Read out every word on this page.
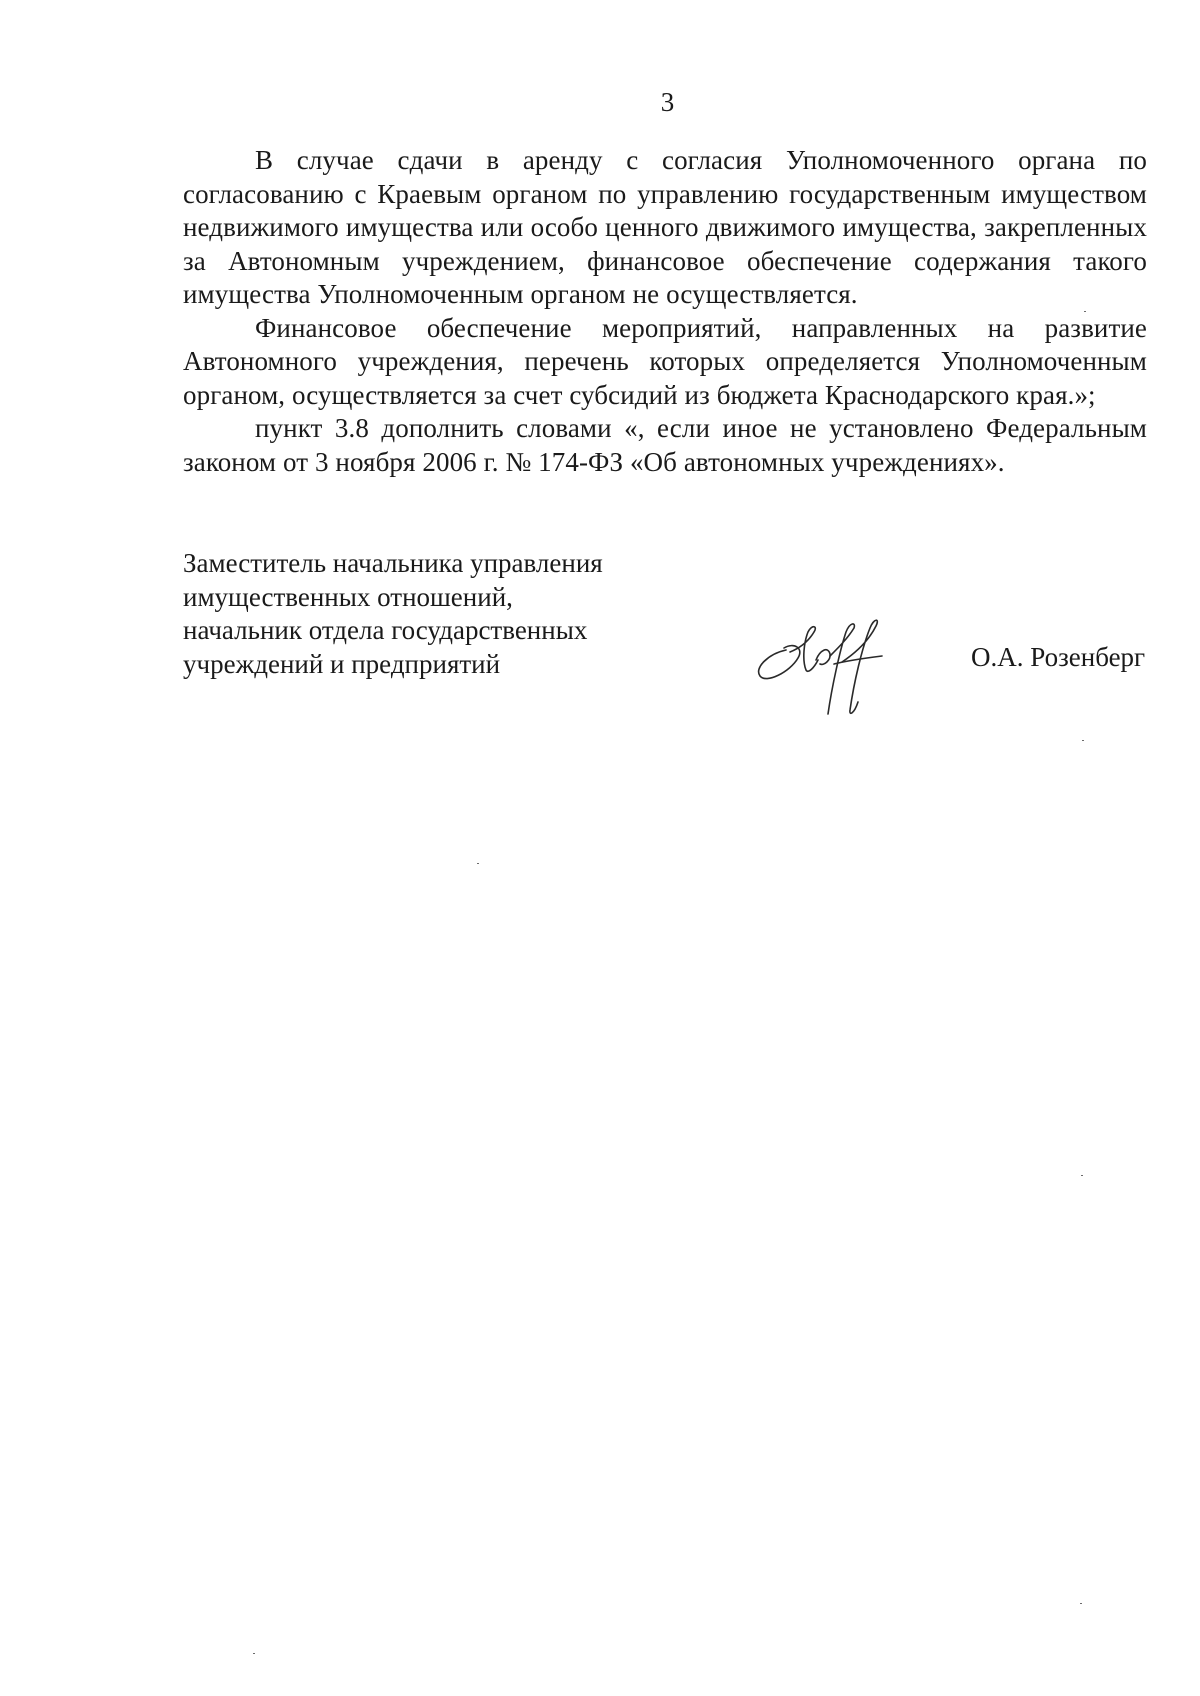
3

В случае сдачи в аренду с согласия Уполномоченного органа по согласованию с Краевым органом по управлению государственным имуществом недвижимого имущества или особо ценного движимого имущества, закрепленных за Автономным учреждением, финансовое обеспечение содержания такого имущества Уполномоченным органом не осуществляется.

Финансовое обеспечение мероприятий, направленных на развитие Автономного учреждения, перечень которых определяется Уполномоченным органом, осуществляется за счет субсидий из бюджета Краснодарского края.»;

пункт 3.8 дополнить словами «, если иное не установлено Федеральным законом от 3 ноября 2006 г. № 174-ФЗ «Об автономных учреждениях».

Заместитель начальника управления
имущественных отношений,
начальник отдела государственных
учреждений и предприятий	О.А. Розенберг
